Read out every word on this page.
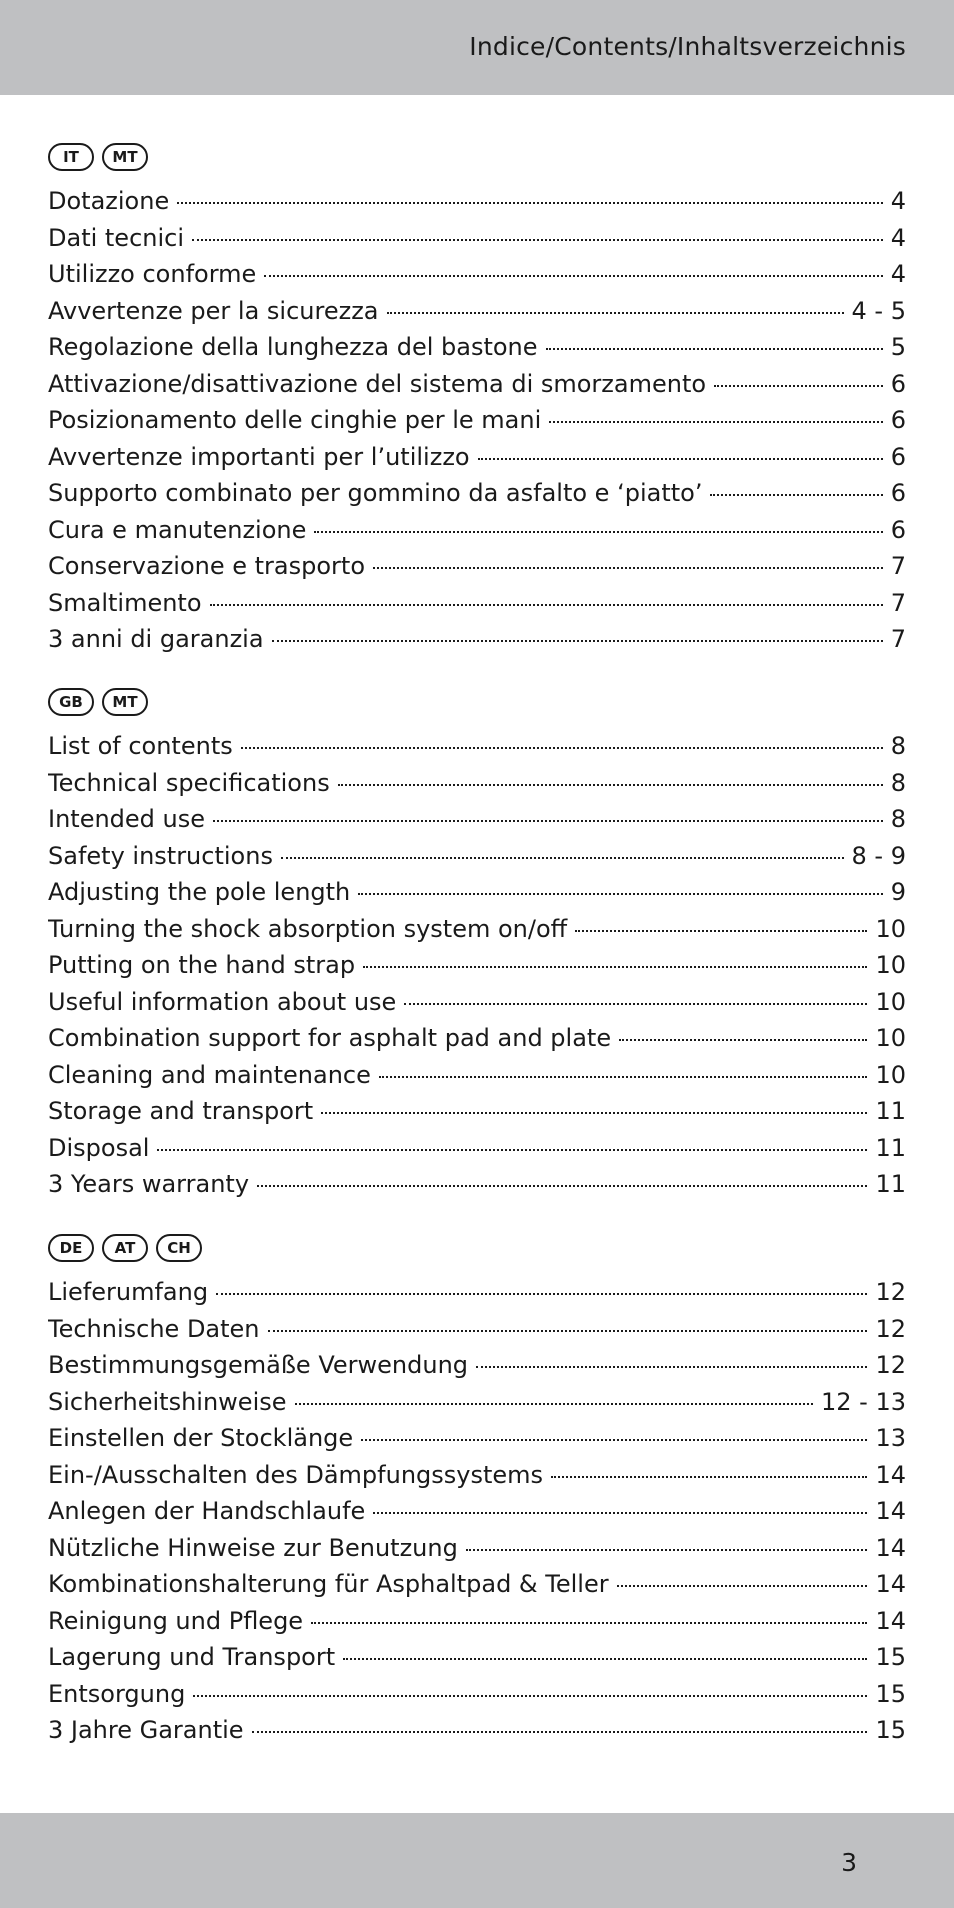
Indice/Contents/Inhaltsverzeichnis
IT	MT
Dotazione	4
Dati tecnici	4
Utilizzo conforme	4
Avvertenze per la sicurezza	4 - 5
Regolazione della lunghezza del bastone	5
Attivazione/disattivazione del sistema di smorzamento	6
Posizionamento delle cinghie per le mani	6
Avvertenze importanti per l’utilizzo	6
Supporto combinato per gommino da asfalto e ‘piatto’	6
Cura e manutenzione	6
Conservazione e trasporto	7
Smaltimento	7
3 anni di garanzia	7
GB	MT
List of contents	8
Technical specifications	8
Intended use	8
Safety instructions	8 - 9
Adjusting the pole length	9
Turning the shock absorption system on/off	10
Putting on the hand strap	10
Useful information about use	10
Combination support for asphalt pad and plate	10
Cleaning and maintenance	10
Storage and transport	11
Disposal	11
3 Years warranty	11
DE	AT	CH
Lieferumfang	12
Technische Daten	12
Bestimmungsgemäße Verwendung	12
Sicherheitshinweise	12 - 13
Einstellen der Stocklänge	13
Ein-/Ausschalten des Dämpfungssystems	14
Anlegen der Handschlaufe	14
Nützliche Hinweise zur Benutzung	14
Kombinationshalterung für Asphaltpad & Teller	14
Reinigung und Pflege	14
Lagerung und Transport	15
Entsorgung	15
3 Jahre Garantie	15
3
